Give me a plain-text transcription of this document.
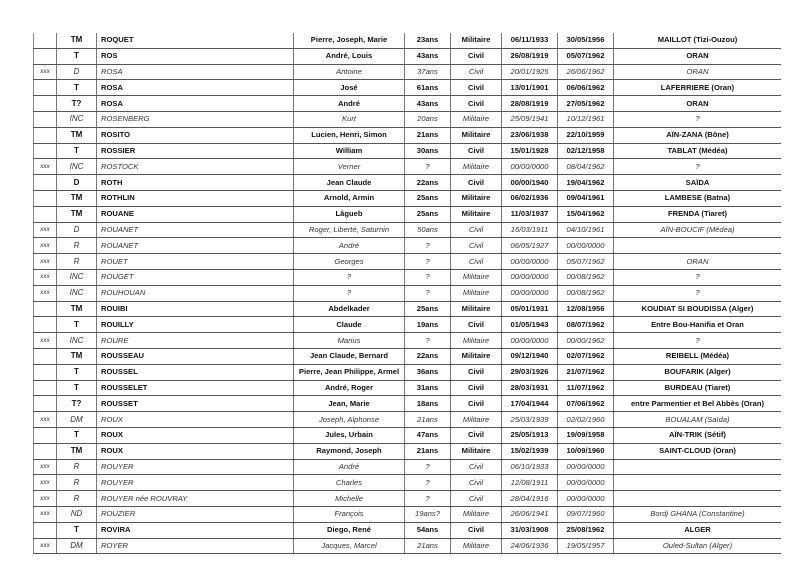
	TM	ROQUET	Pierre, Joseph, Marie	23ans	Militaire	06/11/1933	30/05/1956	MAILLOT (Tizi-Ouzou)
	T	ROS	André, Louis	43ans	Civil	26/08/1919	05/07/1962	ORAN
xxx	D	ROSA	Antoine	37ans	Civil	20/01/1925	26/06/1962	ORAN
	T	ROSA	José	61ans	Civil	13/01/1901	06/06/1962	LAFERRIERE (Oran)
	T?	ROSA	André	43ans	Civil	28/08/1919	27/05/1962	ORAN
	INC	ROSENBERG	Kurt	20ans	Militaire	25/09/1941	10/12/1961	?
	TM	ROSITO	Lucien, Henri, Simon	21ans	Militaire	23/06/1938	22/10/1959	AÏN-ZANA (Bône)
	T	ROSSIER	William	30ans	Civil	15/01/1928	02/12/1958	TABLAT (Médéa)
xxx	INC	ROSTOCK	Verner	?	Militaire	00/00/0000	08/04/1962	?
	D	ROTH	Jean Claude	22ans	Civil	00/00/1940	19/04/1962	SAÏDA
	TM	ROTHLIN	Arnold, Armin	25ans	Militaire	06/02/1936	09/04/1961	LAMBESE (Batna)
	TM	ROUANE	Lâgueb	25ans	Militaire	11/03/1937	15/04/1962	FRENDA (Tiaret)
xxx	D	ROUANET	Roger, Liberté, Saturnin	50ans	Civil	16/03/1911	04/10/1961	AÏN-BOUCIF (Médéa)
xxx	R	ROUANET	André	?	Civil	06/05/1927	00/00/0000	
xxx	R	ROUET	Georges	?	Civil	00/00/0000	05/07/1962	ORAN
xxx	INC	ROUGET	?	?	Militaire	00/00/0000	00/08/1962	?
xxx	INC	ROUHOUAN	?	?	Militaire	00/00/0000	00/08/1962	?
	TM	ROUIBI	Abdelkader	25ans	Militaire	05/01/1931	12/08/1956	KOUDIAT SI BOUDISSA (Alger)
	T	ROUILLY	Claude	19ans	Civil	01/05/1943	08/07/1962	Entre Bou-Hanifia et Oran
xxx	INC	ROURE	Marius	?	Militaire	00/00/0000	00/00/1962	?
	TM	ROUSSEAU	Jean Claude, Bernard	22ans	Militaire	09/12/1940	02/07/1962	REIBELL (Médéa)
	T	ROUSSEL	Pierre, Jean Philippe, Armel	36ans	Civil	29/03/1926	21/07/1962	BOUFARIK (Alger)
	T	ROUSSELET	André, Roger	31ans	Civil	28/03/1931	11/07/1962	BURDEAU (Tiaret)
	T?	ROUSSET	Jean, Marie	18ans	Civil	17/04/1944	07/06/1962	entre Parmentier et Bel Abbès (Oran)
xxx	DM	ROUX	Joseph, Alphonse	21ans	Militaire	25/03/1939	02/02/1960	BOUALAM (Saïda)
	T	ROUX	Jules, Urbain	47ans	Civil	25/05/1913	19/09/1958	AÏN-TRIK (Sétif)
	TM	ROUX	Raymond, Joseph	21ans	Militaire	15/02/1939	10/09/1960	SAINT-CLOUD (Oran)
xxx	R	ROUYER	André	?	Civil	06/10/1933	00/00/0000	
xxx	R	ROUYER	Charles	?	Civil	12/08/1911	00/00/0000	
xxx	R	ROUYER née ROUVRAY	Michelle	?	Civil	28/04/1916	00/00/0000	
xxx	ND	ROUZIER	François	19ans?	Militaire	26/06/1941	09/07/1960	Bordj GHANA (Constantine)
	T	ROVIRA	Diego, René	54ans	Civil	31/03/1908	25/08/1962	ALGER
xxx	DM	ROYER	Jacques, Marcel	21ans	Militaire	24/06/1936	19/05/1957	Ouled-Sultan (Alger)
